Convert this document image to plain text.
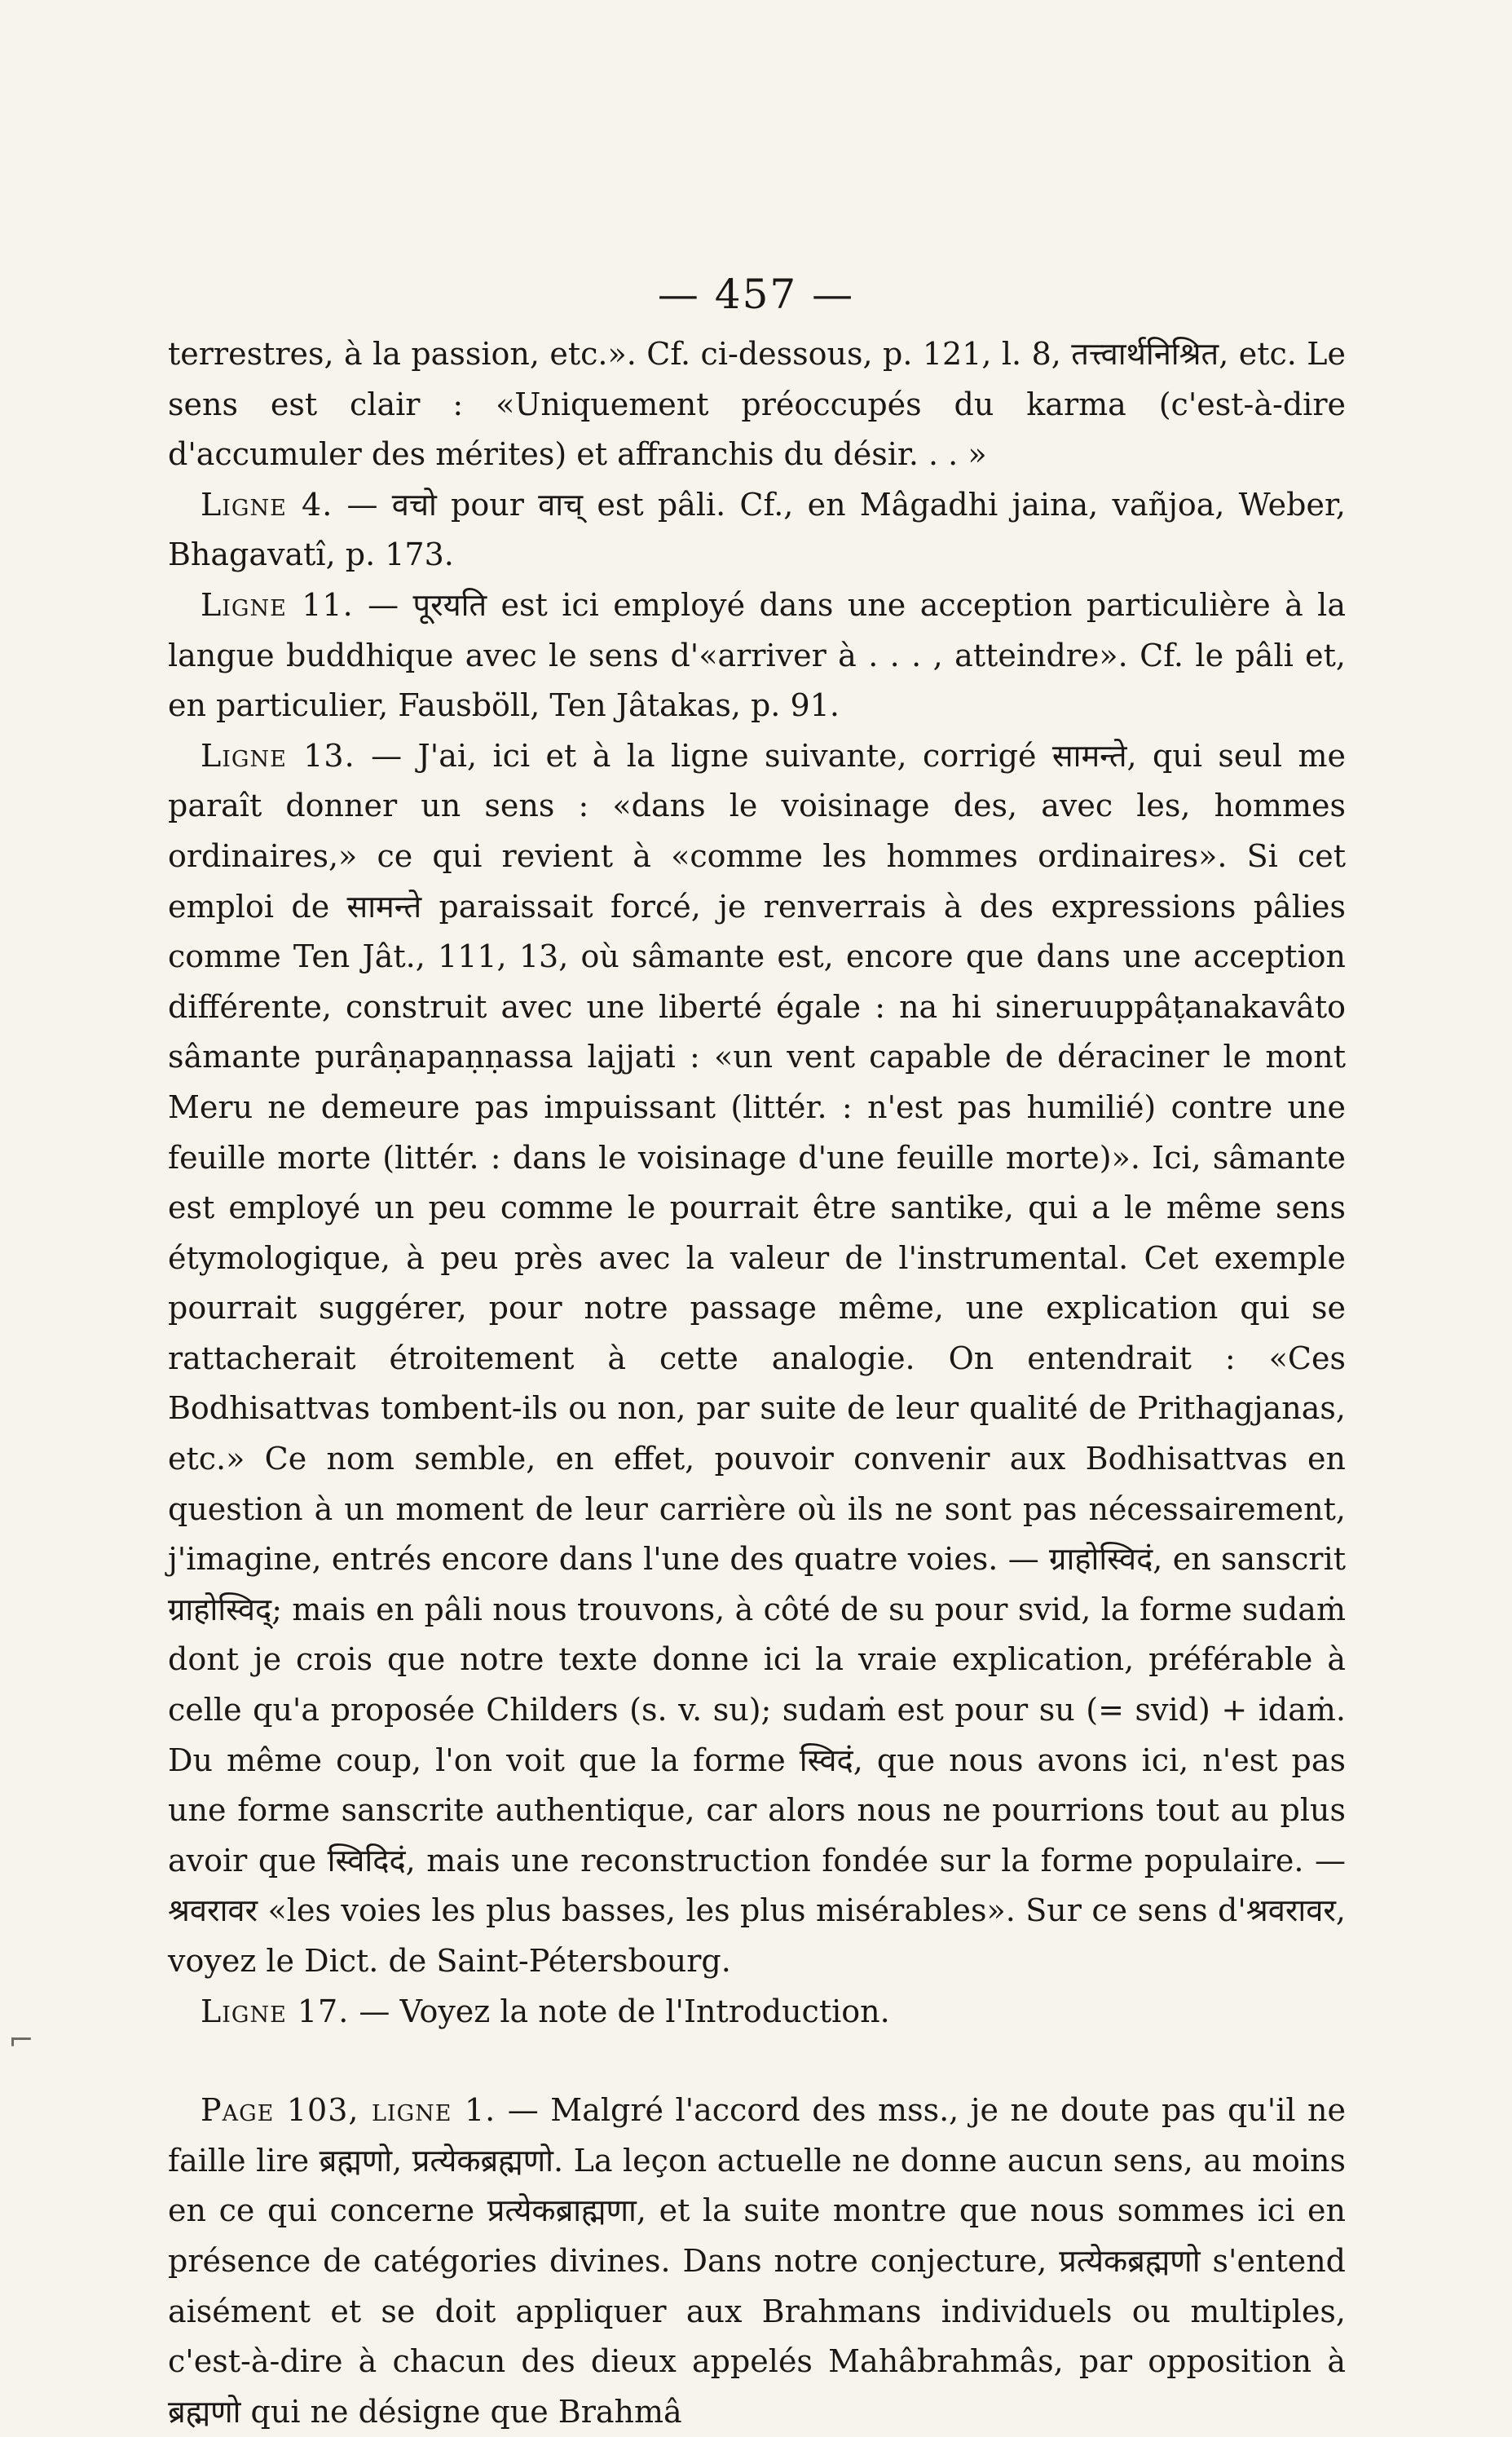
— 457 —

terrestres, à la passion, etc.». Cf. ci-dessous, p. 121, l. 8, तत्त्वार्थनिश्रित, etc. Le sens est clair : «Uniquement préoccupés du karma (c'est-à-dire d'accumuler des mérites) et affranchis du désir. . . »

Ligne 4. — वचो pour वाच् est pâli. Cf., en Mâgadhi jaina, vañjoa, Weber, Bhagavatî, p. 173.

Ligne 11. — पूरयति est ici employé dans une acception particulière à la langue buddhique avec le sens d'«arriver à . . . , atteindre». Cf. le pâli et, en particulier, Fausböll, Ten Jâtakas, p. 91.

Ligne 13. — J'ai, ici et à la ligne suivante, corrigé सामन्ते, qui seul me paraît donner un sens : «dans le voisinage des, avec les, hommes ordinaires,» ce qui revient à «comme les hommes ordinaires». Si cet emploi de सामन्ते paraissait forcé, je renverrais à des expressions pâlies comme Ten Jât., 111, 13, où sâmante est, encore que dans une acception différente, construit avec une liberté égale : na hi sineruuppâṭanakavâto sâmante purâṇapaṇṇassa lajjati : «un vent capable de déraciner le mont Meru ne demeure pas impuissant (littér. : n'est pas humilié) contre une feuille morte (littér. : dans le voisinage d'une feuille morte)». Ici, sâmante est employé un peu comme le pourrait être santike, qui a le même sens étymologique, à peu près avec la valeur de l'instrumental. Cet exemple pourrait suggérer, pour notre passage même, une explication qui se rattacherait étroitement à cette analogie. On entendrait : «Ces Bodhisattvas tombent-ils ou non, par suite de leur qualité de Prithagjanas, etc.» Ce nom semble, en effet, pouvoir convenir aux Bodhisattvas en question à un moment de leur carrière où ils ne sont pas nécessairement, j'imagine, entrés encore dans l'une des quatre voies. — ग्राहोस्विदं, en sanscrit ग्राहोस्विद्; mais en pâli nous trouvons, à côté de su pour svid, la forme sudaṁ dont je crois que notre texte donne ici la vraie explication, préférable à celle qu'a proposée Childers (s. v. su); sudaṁ est pour su (= svid) + idaṁ. Du même coup, l'on voit que la forme स्विदं, que nous avons ici, n'est pas une forme sanscrite authentique, car alors nous ne pourrions tout au plus avoir que स्विदिदं, mais une reconstruction fondée sur la forme populaire. — श्रवरावर «les voies les plus basses, les plus misérables». Sur ce sens d'श्रवरावर, voyez le Dict. de Saint-Pétersbourg.

Ligne 17. — Voyez la note de l'Introduction.

Page 103, ligne 1. — Malgré l'accord des mss., je ne doute pas qu'il ne faille lire ब्रह्मणो, प्रत्येकब्रह्मणो. La leçon actuelle ne donne aucun sens, au moins en ce qui concerne प्रत्येकब्राह्मणा, et la suite montre que nous sommes ici en présence de catégories divines. Dans notre conjecture, प्रत्येकब्रह्मणो s'entend aisément et se doit appliquer aux Brahmans individuels ou multiples, c'est-à-dire à chacun des dieux appelés Mahâbrahmâs, par opposition à ब्रह्मणो qui ne désigne que Brahmâ

⌐
